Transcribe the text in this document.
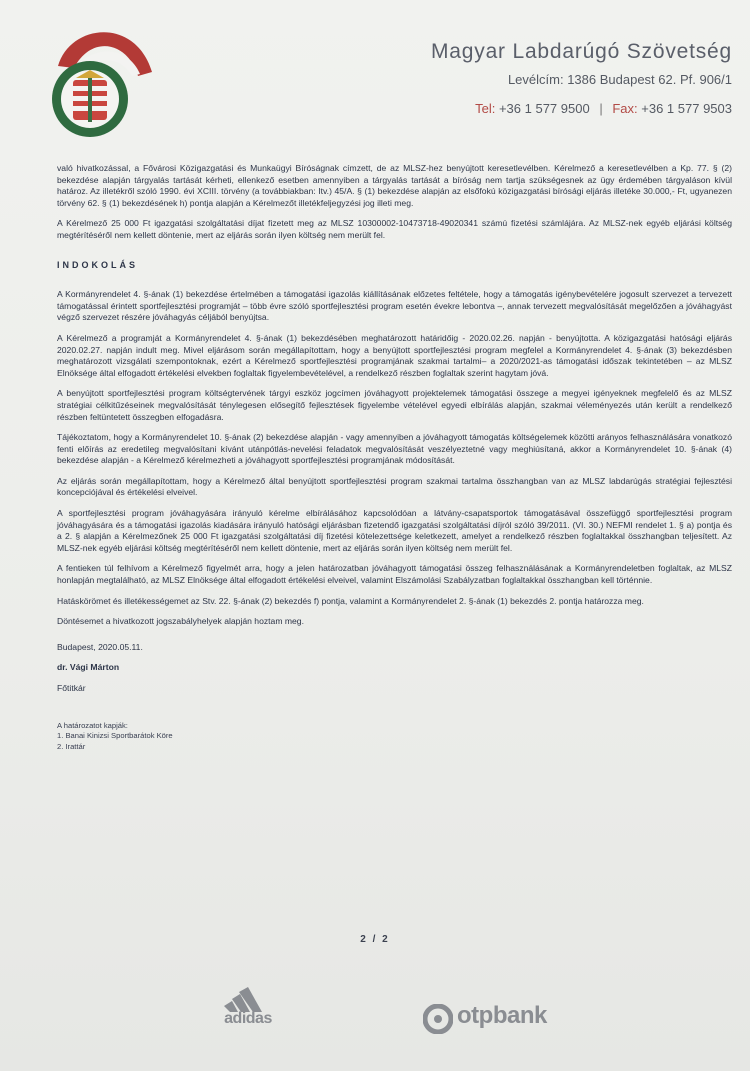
Magyar Labdarúgó Szövetség
Levélcím: 1386 Budapest 62. Pf. 906/1
Tel: +36 1 577 9500 | Fax: +36 1 577 9503

való hivatkozással, a Fővárosi Közigazgatási és Munkaügyi Bíróságnak címzett, de az MLSZ-hez benyújtott keresetlevélben. Kérelmező a keresetlevélben a Kp. 77. § (2) bekezdése alapján tárgyalás tartását kérheti, ellenkező esetben amennyiben a tárgyalás tartását a bíróság nem tartja szükségesnek az ügy érdemében tárgyaláson kívül határoz. Az illetékről szóló 1990. évi XCIII. törvény (a továbbiakban: Itv.) 45/A. § (1) bekezdése alapján az elsőfokú közigazgatási bírósági eljárás illetéke 30.000,- Ft, ugyanezen törvény 62. § (1) bekezdésének h) pontja alapján a Kérelmezőt illetékfeljegyzési jog illeti meg.

A Kérelmező 25 000 Ft igazgatási szolgáltatási díjat fizetett meg az MLSZ 10300002-10473718-49020341 számú fizetési számlájára. Az MLSZ-nek egyéb eljárási költség megtérítéséről nem kellett döntenie, mert az eljárás során ilyen költség nem merült fel.

INDOKOLÁS

A Kormányrendelet 4. §-ának (1) bekezdése értelmében a támogatási igazolás kiállításának előzetes feltétele, hogy a támogatás igénybevételére jogosult szervezet a tervezett támogatással érintett sportfejlesztési programját – több évre szóló sportfejlesztési program esetén évekre lebontva –, annak tervezett megvalósítását megelőzően a jóváhagyást végző szervezet részére jóváhagyás céljából benyújtsa.

A Kérelmező a programját a Kormányrendelet 4. §-ának (1) bekezdésében meghatározott határidőig - 2020.02.26. napján - benyújtotta. A közigazgatási hatósági eljárás 2020.02.27. napján indult meg. Mivel eljárásom során megállapítottam, hogy a benyújtott sportfejlesztési program megfelel a Kormányrendelet 4. §-ának (3) bekezdésben meghatározott vizsgálati szempontoknak, ezért a Kérelmező sportfejlesztési programjának szakmai tartalmi– a 2020/2021-as támogatási időszak tekintetében – az MLSZ Elnöksége által elfogadott értékelési elvekben foglaltak figyelembevételével, a rendelkező részben foglaltak szerint hagytam jóvá.

A benyújtott sportfejlesztési program költségtervének tárgyi eszköz jogcímen jóváhagyott projektelemek támogatási összege a megyei igényeknek megfelelő és az MLSZ stratégiai célkitűzéseinek megvalósítását ténylegesen elősegítő fejlesztések figyelembe vételével egyedi elbírálás alapján, szakmai véleményezés után került a rendelkező részben feltüntetett összegben elfogadásra.

Tájékoztatom, hogy a Kormányrendelet 10. §-ának (2) bekezdése alapján - vagy amennyiben a jóváhagyott támogatás költségelemek közötti arányos felhasználására vonatkozó fenti előírás az eredetileg megvalósítani kívánt utánpótlás-nevelési feladatok megvalósítását veszélyeztetné vagy meghiúsítaná, akkor a Kormányrendelet 10. §-ának (4) bekezdése alapján - a Kérelmező kérelmezheti a jóváhagyott sportfejlesztési programjának módosítását.

Az eljárás során megállapítottam, hogy a Kérelmező által benyújtott sportfejlesztési program szakmai tartalma összhangban van az MLSZ labdarúgás stratégiai fejlesztési koncepciójával és értékelési elveivel.

A sportfejlesztési program jóváhagyására irányuló kérelme elbírálásához kapcsolódóan a látvány-csapatsportok támogatásával összefüggő sportfejlesztési program jóváhagyására és a támogatási igazolás kiadására irányuló hatósági eljárásban fizetendő igazgatási szolgáltatási díjról szóló 39/2011. (VI. 30.) NEFMI rendelet 1. § a) pontja és a 2. § alapján a Kérelmezőnek 25 000 Ft igazgatási szolgáltatási díj fizetési kötelezettsége keletkezett, amelyet a rendelkező részben foglaltakkal összhangban teljesített. Az MLSZ-nek egyéb eljárási költség megtérítéséről nem kellett döntenie, mert az eljárás során ilyen költség nem merült fel.

A fentieken túl felhívom a Kérelmező figyelmét arra, hogy a jelen határozatban jóváhagyott támogatási összeg felhasználásának a Kormányrendeletben foglaltak, az MLSZ honlapján megtalálható, az MLSZ Elnöksége által elfogadott értékelési elveivel, valamint Elszámolási Szabályzatban foglaltakkal összhangban kell történnie.

Hatáskörömet és illetékességemet az Stv. 22. §-ának (2) bekezdés f) pontja, valamint a Kormányrendelet 2. §-ának (1) bekezdés 2. pontja határozza meg.

Döntésemet a hivatkozott jogszabályhelyek alapján hoztam meg.

Budapest, 2020.05.11.

dr. Vági Márton

Főtitkár

A határozatot kapják:
1. Banai Kinizsi Sportbarátok Köre
2. Irattár
2 / 2
adidas	otpbank
